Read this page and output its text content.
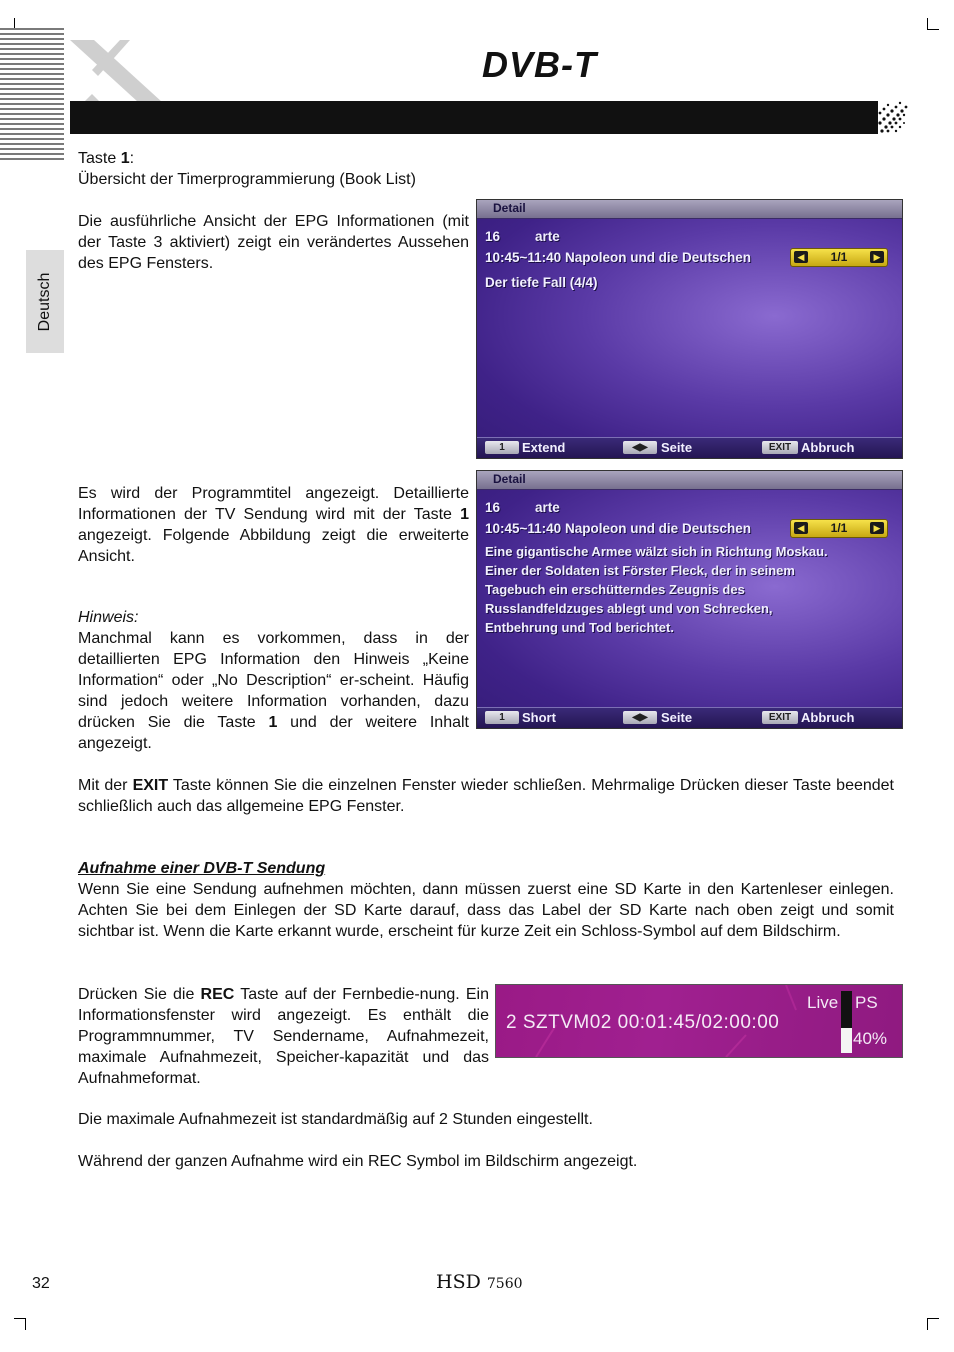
DVB-T
Deutsch
Taste 1:
Übersicht der Timerprogrammierung (Book List)
Die ausführliche Ansicht der EPG Informationen (mit der Taste 3 aktiviert) zeigt ein verändertes Aussehen des EPG Fensters.
Detail
16	arte
10:45~11:40 Napoleon und die Deutschen	◀	1/1	▶
Der tiefe Fall (4/4)
1	Extend	◀▶	Seite	EXIT Abbruch
Es wird der Programmtitel angezeigt. Detaillierte Informationen der TV Sendung wird mit der Taste 1 angezeigt. Folgende Abbildung zeigt die erweiterte Ansicht.
Detail
16	arte
10:45~11:40 Napoleon und die Deutschen	◀	1/1	▶
Eine gigantische Armee wälzt sich in Richtung Moskau.
Einer der Soldaten ist Förster Fleck, der in seinem
Tagebuch ein erschütterndes Zeugnis des
Russlandfeldzuges ablegt und von Schrecken,
Entbehrung und Tod berichtet.
1	Short	◀▶	Seite	EXIT Abbruch
Hinweis:
Manchmal kann es vorkommen, dass in der detaillierten EPG Information den Hinweis „Keine Information“ oder „No Description“ er-scheint. Häufig sind jedoch weitere Information vorhanden, dazu drücken Sie die Taste 1 und der weitere Inhalt angezeigt.
Mit der EXIT Taste können Sie die einzelnen Fenster wieder schließen. Mehrmalige Drücken dieser Taste beendet schließlich auch das allgemeine EPG Fenster.
Aufnahme einer DVB-T Sendung
Wenn Sie eine Sendung aufnehmen möchten, dann müssen zuerst eine SD Karte in den Kartenleser einlegen. Achten Sie bei dem Einlegen der SD Karte darauf, dass das Label der SD Karte nach oben zeigt und somit sichtbar ist. Wenn die Karte erkannt wurde, erscheint für kurze Zeit ein Schloss-Symbol auf dem Bildschirm.
Drücken Sie die REC Taste auf der Fernbedie-nung. Ein Informationsfenster wird angezeigt. Es enthält die Programmnummer, TV Sendername, Aufnahmezeit, maximale Aufnahmezeit, Speicher-kapazität und das Aufnahmeformat.
2 SZTVM02 00:01:45/02:00:00
Live PS
40%
Die maximale Aufnahmezeit ist standardmäßig auf 2 Stunden eingestellt.
Während der ganzen Aufnahme wird ein REC Symbol im Bildschirm angezeigt.
32	HSD 7560
